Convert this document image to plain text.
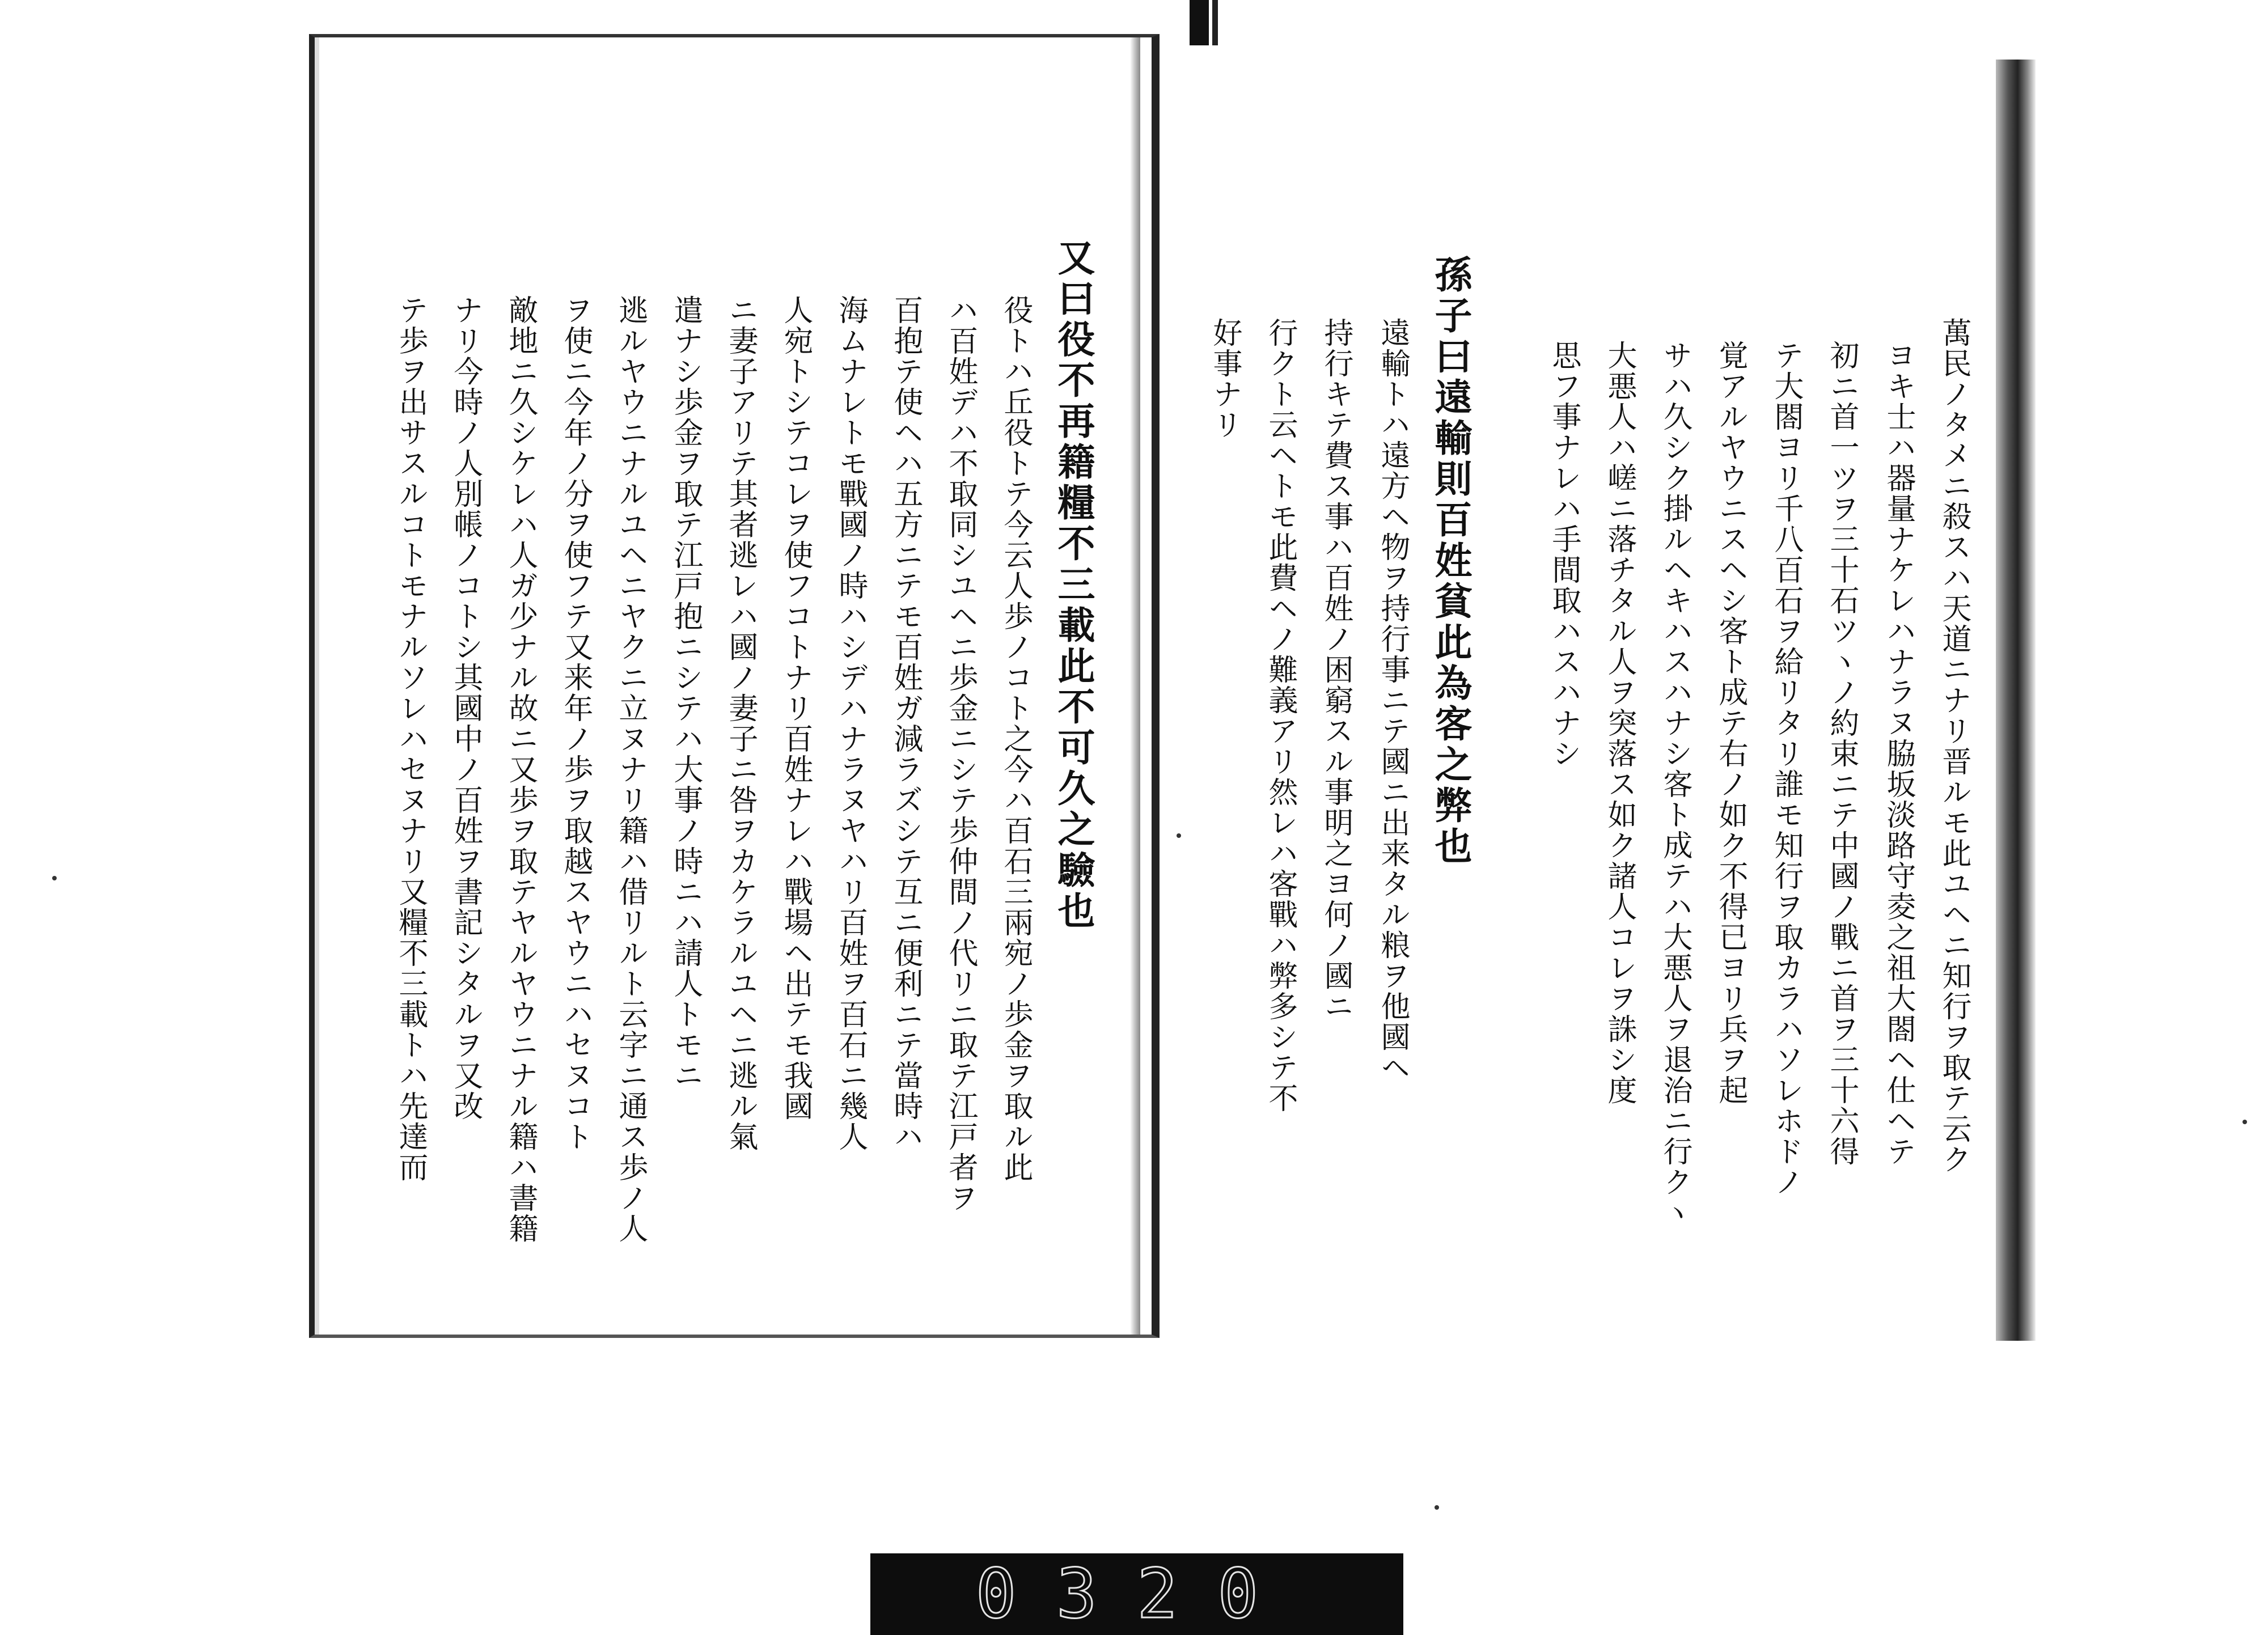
萬民ノタメニ殺スハ天道ニナリ晋ルモ此ユヘニ知行ヲ取テ云ク
ヨキ士ハ器量ナケレハナラヌ脇坂淡路守夌之祖大閤ヘ仕ヘテ
初ニ首一ツヲ三十石ツヽノ約束ニテ中國ノ戰ニ首ヲ三十六得
テ大閤ヨリ千八百石ヲ給リタリ誰モ知行ヲ取カラハソレホドノ
覚アルヤウニスヘシ客ト成テ右ノ如ク不得已ヨリ兵ヲ起
サハ久シク掛ルヘキハスハナシ客ト成テハ大悪人ヲ退治ニ行クヽ
大悪人ハ嵯ニ落チタル人ヲ突落ス如ク諸人コレヲ誅シ度
思フ事ナレハ手間取ハスハナシ
孫子曰遠輸則百姓貧此為客之弊也
遠輸トハ遠方ヘ物ヲ持行事ニテ國ニ出来タル粮ヲ他國ヘ
持行キテ費ス事ハ百姓ノ困窮スル事明之ヨ何ノ國ニ
行クト云ヘトモ此費ヘノ難義アリ然レハ客戰ハ弊多シテ不
好事ナリ
又曰役不再籍糧不三載此不可久之驗也
役トハ丘役トテ今云人歩ノコト之今ハ百石三兩宛ノ歩金ヲ取ル此
ハ百姓デハ不取同シユヘニ歩金ニシテ歩仲間ノ代リニ取テ江戸者ヲ
百抱テ使ヘハ五方ニテモ百姓ガ減ラズシテ互ニ便利ニテ當時ハ
海ムナレトモ戰國ノ時ハシデハナラヌヤハリ百姓ヲ百石ニ幾人
人宛トシテコレヲ使フコトナリ百姓ナレハ戰場ヘ出テモ我國
ニ妻子アリテ其者逃レハ國ノ妻子ニ咎ヲカケラルユヘニ逃ル氣
遣ナシ歩金ヲ取テ江戸抱ニシテハ大事ノ時ニハ請人トモニ
逃ルヤウニナルユヘニヤクニ立ヌナリ籍ハ借リルト云字ニ通ス歩ノ人
ヲ使ニ今年ノ分ヲ使フテ又来年ノ歩ヲ取越スヤウニハセヌコト
敵地ニ久シケレハ人ガ少ナル故ニ又歩ヲ取テヤルヤウニナル籍ハ書籍
ナリ今時ノ人別帳ノコトシ其國中ノ百姓ヲ書記シタルヲ又改
テ歩ヲ出サスルコトモナルソレハセヌナリ又糧不三載トハ先達而
0320
